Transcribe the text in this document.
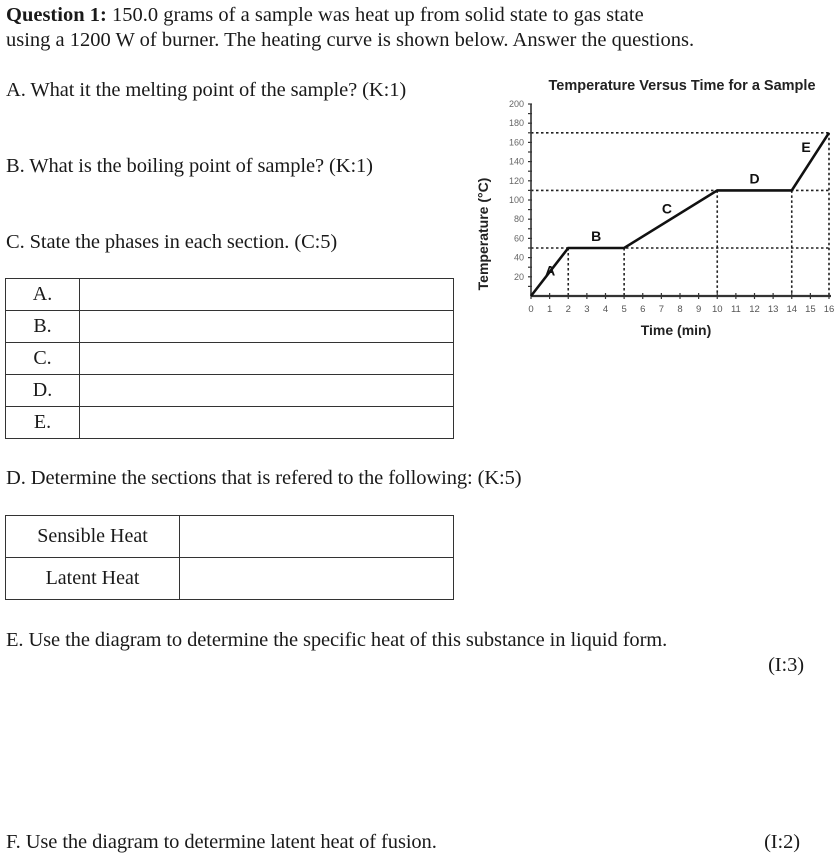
Question 1: 150.0 grams of a sample was heat up from solid state to gas state
using a 1200 W of burner. The heating curve is shown below. Answer the questions.
A. What it the melting point of the sample? (K:1)
B. What is the boiling point of sample? (K:1)
C. State the phases in each section. (C:5)
A.	
B.	
C.	
D.	
E.	
D. Determine the sections that is refered to the following: (K:5)
Sensible Heat	
Latent Heat	
E. Use the diagram to determine the specific heat of this substance in liquid form.
(I:3)
F. Use the diagram to determine latent heat of fusion.	(I:2)
Temperature Versus Time for a Sample
20
40
60
80
100
120
140
160
180
200
0 1 2 3 4 5 6 7 8 9 10 11 12 13 14 15 16
A
B
C
D
E
Temperature (°C)
Time (min)
